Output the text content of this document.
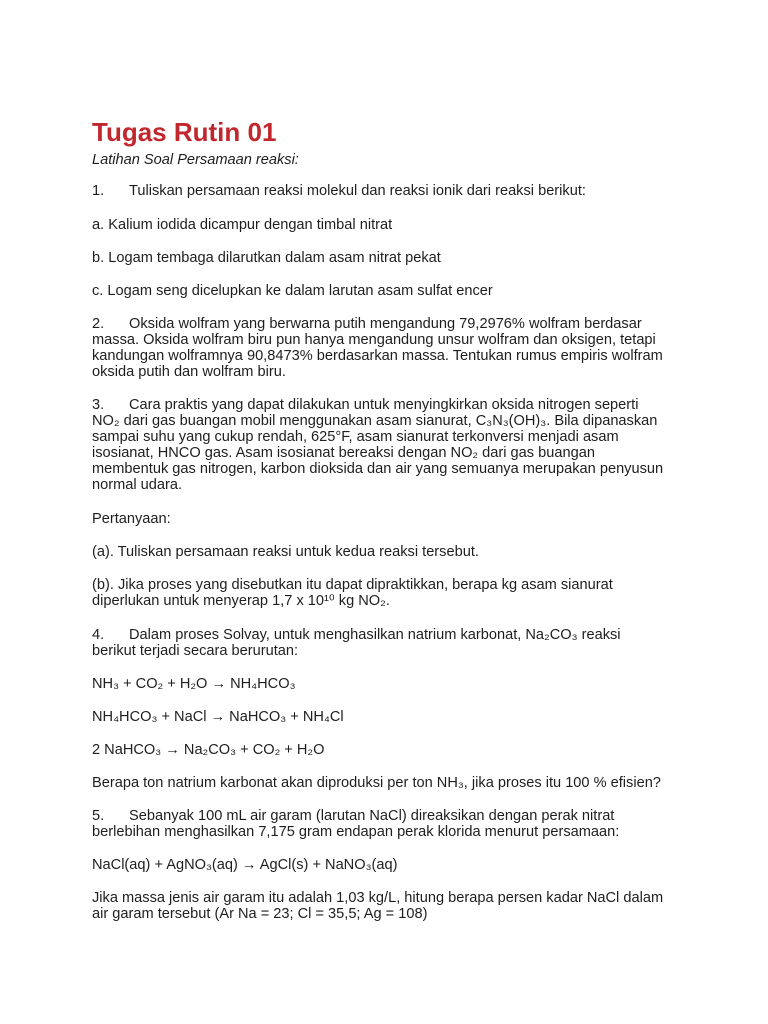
Tugas Rutin 01
Latihan Soal Persamaan reaksi:
1. Tuliskan persamaan reaksi molekul dan reaksi ionik dari reaksi berikut:
a. Kalium iodida dicampur dengan timbal nitrat
b. Logam tembaga dilarutkan dalam asam nitrat pekat
c. Logam seng dicelupkan ke dalam larutan asam sulfat encer
2. Oksida wolfram yang berwarna putih mengandung 79,2976% wolfram berdasar
massa. Oksida wolfram biru pun hanya mengandung unsur wolfram dan oksigen, tetapi
kandungan wolframnya 90,8473% berdasarkan massa. Tentukan rumus empiris wolfram
oksida putih dan wolfram biru.
3. Cara praktis yang dapat dilakukan untuk menyingkirkan oksida nitrogen seperti
NO₂ dari gas buangan mobil menggunakan asam sianurat, C₃N₃(OH)₃. Bila dipanaskan
sampai suhu yang cukup rendah, 625°F, asam sianurat terkonversi menjadi asam
isosianat, HNCO gas. Asam isosianat bereaksi dengan NO₂ dari gas buangan
membentuk gas nitrogen, karbon dioksida dan air yang semuanya merupakan penyusun
normal udara.
Pertanyaan:
(a). Tuliskan persamaan reaksi untuk kedua reaksi tersebut.
(b). Jika proses yang disebutkan itu dapat dipraktikkan, berapa kg asam sianurat
diperlukan untuk menyerap 1,7 x 10¹⁰ kg NO₂.
4. Dalam proses Solvay, untuk menghasilkan natrium karbonat, Na₂CO₃ reaksi
berikut terjadi secara berurutan:
NH₃ + CO₂ + H₂O → NH₄HCO₃
NH₄HCO₃ + NaCl → NaHCO₃ + NH₄Cl
2 NaHCO₃ → Na₂CO₃ + CO₂ + H₂O
Berapa ton natrium karbonat akan diproduksi per ton NH₃, jika proses itu 100 % efisien?
5. Sebanyak 100 mL air garam (larutan NaCl) direaksikan dengan perak nitrat
berlebihan menghasilkan 7,175 gram endapan perak klorida menurut persamaan:
NaCl(aq) + AgNO₃(aq) → AgCl(s) + NaNO₃(aq)
Jika massa jenis air garam itu adalah 1,03 kg/L, hitung berapa persen kadar NaCl dalam
air garam tersebut (Ar Na = 23; Cl = 35,5; Ag = 108)
